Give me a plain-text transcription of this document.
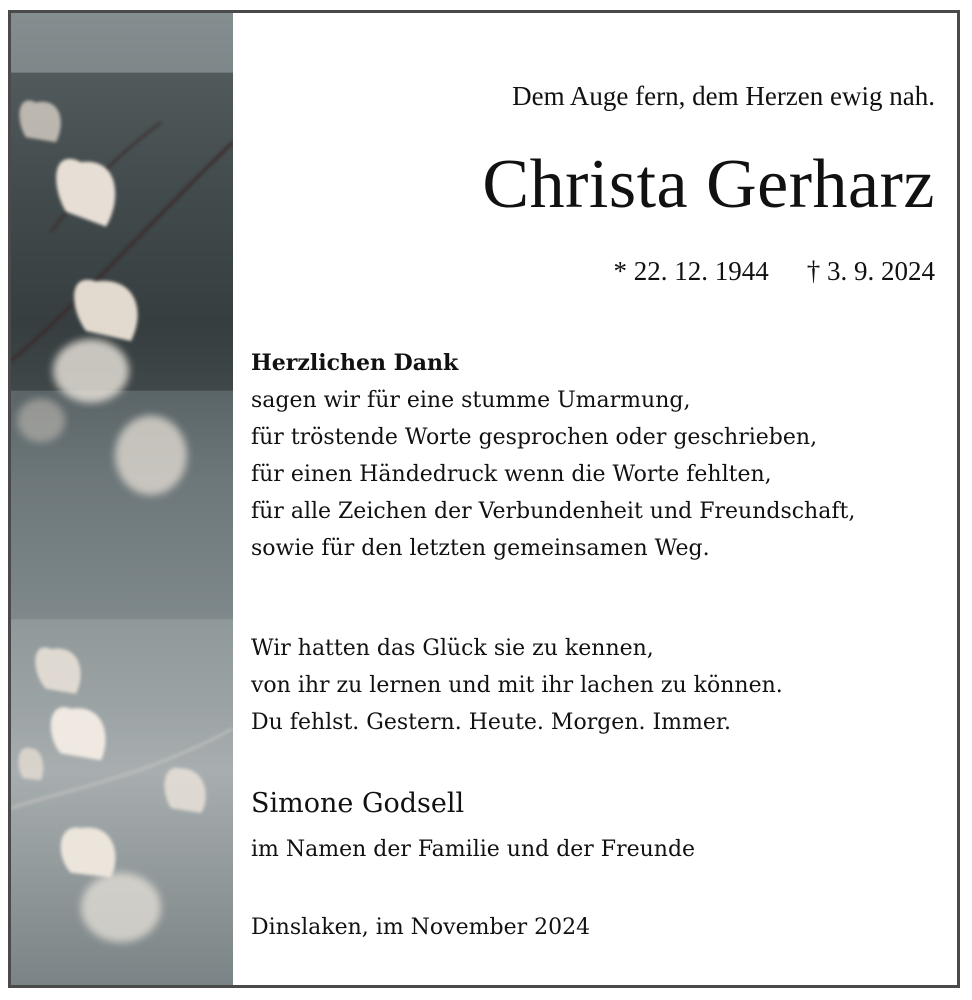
Dem Auge fern, dem Herzen ewig nah.
Christa Gerharz
* 22. 12. 1944 † 3. 9. 2024
Herzlichen Dank
sagen wir für eine stumme Umarmung,
für tröstende Worte gesprochen oder geschrieben,
für einen Händedruck wenn die Worte fehlten,
für alle Zeichen der Verbundenheit und Freundschaft,
sowie für den letzten gemeinsamen Weg.
Wir hatten das Glück sie zu kennen,
von ihr zu lernen und mit ihr lachen zu können.
Du fehlst. Gestern. Heute. Morgen. Immer.
Simone Godsell
im Namen der Familie und der Freunde
Dinslaken, im November 2024
